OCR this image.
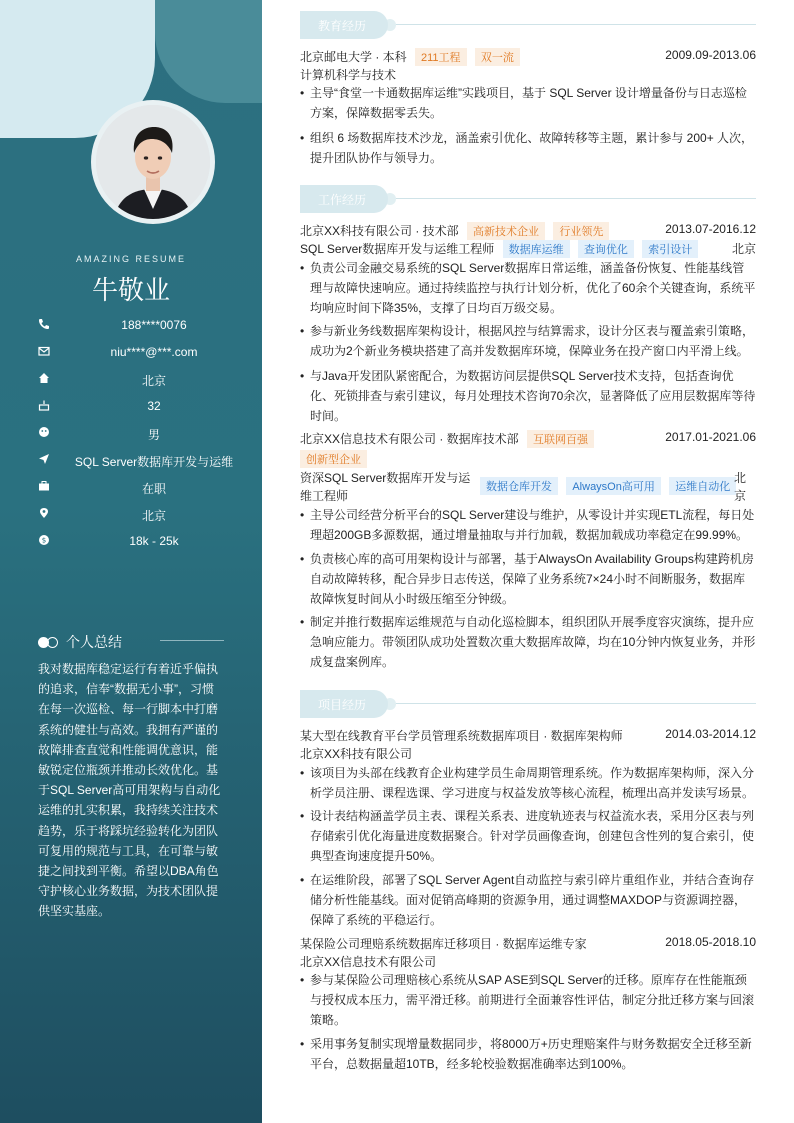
AMAZING RESUME
牛敬业
188****0076
niu****@***.com
北京
32
男
SQL Server数据库开发与运维
在职
北京
$	18k - 25k
个人总结
我对数据库稳定运行有着近乎偏执的追求，信奉“数据无小事”，习惯在每一次巡检、每一行脚本中打磨系统的健壮与高效。我拥有严谨的故障排查直觉和性能调优意识，能敏锐定位瓶颈并推动长效优化。基于SQL Server高可用架构与自动化运维的扎实积累，我持续关注技术趋势，乐于将踩坑经验转化为团队可复用的规范与工具，在可靠与敏捷之间找到平衡。希望以DBA角色守护核心业务数据，为技术团队提供坚实基座。
教育经历
北京邮电大学 · 本科 211工程 双一流	2009.09-2013.06
计算机科学与技术
• 主导“食堂一卡通数据库运维”实践项目，基于 SQL Server 设计增量备份与日志巡检方案，保障数据零丢失。
• 组织 6 场数据库技术沙龙，涵盖索引优化、故障转移等主题，累计参与 200+ 人次，提升团队协作与领导力。
工作经历
北京XX科技有限公司 · 技术部 高新技术企业 行业领先	2013.07-2016.12
SQL Server数据库开发与运维工程师 数据库运维 查询优化 索引设计	北京
• 负责公司金融交易系统的SQL Server数据库日常运维，涵盖备份恢复、性能基线管理与故障快速响应。通过持续监控与执行计划分析，优化了60余个关键查询，系统平均响应时间下降35%，支撑了日均百万级交易。
• 参与新业务线数据库架构设计，根据风控与结算需求，设计分区表与覆盖索引策略，成功为2个新业务模块搭建了高并发数据库环境，保障业务在投产窗口内平滑上线。
• 与Java开发团队紧密配合，为数据访问层提供SQL Server技术支持，包括查询优化、死锁排查与索引建议，每月处理技术咨询70余次，显著降低了应用层数据库等待时间。
北京XX信息技术有限公司 · 数据库技术部 互联网百强	2017.01-2021.06
创新型企业
资深SQL Server数据库开发与运维工程师
数据仓库开发 AlwaysOn高可用 运维自动化
北京
• 主导公司经营分析平台的SQL Server建设与维护，从零设计并实现ETL流程，每日处理超200GB多源数据，通过增量抽取与并行加载，数据加载成功率稳定在99.99%。
• 负责核心库的高可用架构设计与部署，基于AlwaysOn Availability Groups构建跨机房自动故障转移，配合异步日志传送，保障了业务系统7×24小时不间断服务，数据库故障恢复时间从小时级压缩至分钟级。
• 制定并推行数据库运维规范与自动化巡检脚本，组织团队开展季度容灾演练，提升应急响应能力。带领团队成功处置数次重大数据库故障，均在10分钟内恢复业务，并形成复盘案例库。
项目经历
某大型在线教育平台学员管理系统数据库项目 · 数据库架构师	2014.03-2014.12
北京XX科技有限公司
• 该项目为头部在线教育企业构建学员生命周期管理系统。作为数据库架构师，深入分析学员注册、课程选课、学习进度与权益发放等核心流程，梳理出高并发读写场景。
• 设计表结构涵盖学员主表、课程关系表、进度轨迹表与权益流水表，采用分区表与列存储索引优化海量进度数据聚合。针对学员画像查询，创建包含性列的复合索引，使典型查询速度提升50%。
• 在运维阶段，部署了SQL Server Agent自动监控与索引碎片重组作业，并结合查询存储分析性能基线。面对促销高峰期的资源争用，通过调整MAXDOP与资源调控器，保障了系统的平稳运行。
某保险公司理赔系统数据库迁移项目 · 数据库运维专家	2018.05-2018.10
北京XX信息技术有限公司
• 参与某保险公司理赔核心系统从SAP ASE到SQL Server的迁移。原库存在性能瓶颈与授权成本压力，需平滑迁移。前期进行全面兼容性评估，制定分批迁移方案与回滚策略。
• 采用事务复制实现增量数据同步，将8000万+历史理赔案件与财务数据安全迁移至新平台，总数据量超10TB，经多轮校验数据准确率达到100%。
